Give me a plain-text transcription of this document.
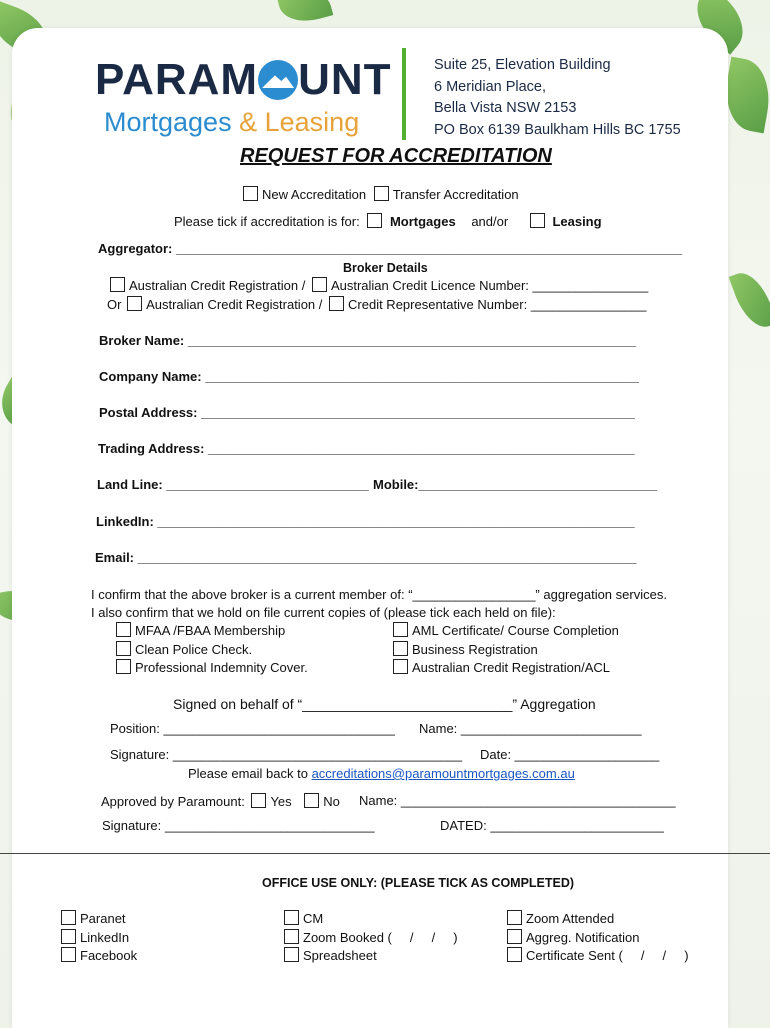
PARAM UNT
Mortgages & Leasing
Suite 25, Elevation Building
6 Meridian Place,
Bella Vista NSW 2153
PO Box 6139 Baulkham Hills BC 1755
REQUEST FOR ACCREDITATION
New Accreditation Transfer Accreditation
Please tick if accreditation is for: Mortgages and/or	Leasing
Aggregator: ______________________________________________________________________
Broker Details
Australian Credit Registration / Australian Credit Licence Number: ________________
Or Australian Credit Registration / Credit Representative Number: ________________
Broker Name: ______________________________________________________________
Company Name: ____________________________________________________________
Postal Address: ____________________________________________________________
Trading Address: ___________________________________________________________
Land Line: ____________________________ Mobile:_________________________________
LinkedIn: __________________________________________________________________
Email: _____________________________________________________________________
I confirm that the above broker is a current member of: “_________________” aggregation services.
I also confirm that we hold on file current copies of (please tick each held on file):
MFAA /FBAA Membership
Clean Police Check.
Professional Indemnity Cover.
AML Certificate/ Course Completion
Business Registration
Australian Credit Registration/ACL
Signed on behalf of “___________________________” Aggregation
Position: ________________________________ Name: _________________________
Signature: ________________________________________ Date: ____________________
Please email back to accreditations@paramountmortgages.com.au
Approved by Paramount: Yes No Name: ______________________________________
Signature: _____________________________	DATED: ________________________
OFFICE USE ONLY: (PLEASE TICK AS COMPLETED)
Paranet
LinkedIn
Facebook
CM
Zoom Booked (     /     /     )
Spreadsheet
Zoom Attended
Aggreg. Notification
Certificate Sent (     /     /     )
